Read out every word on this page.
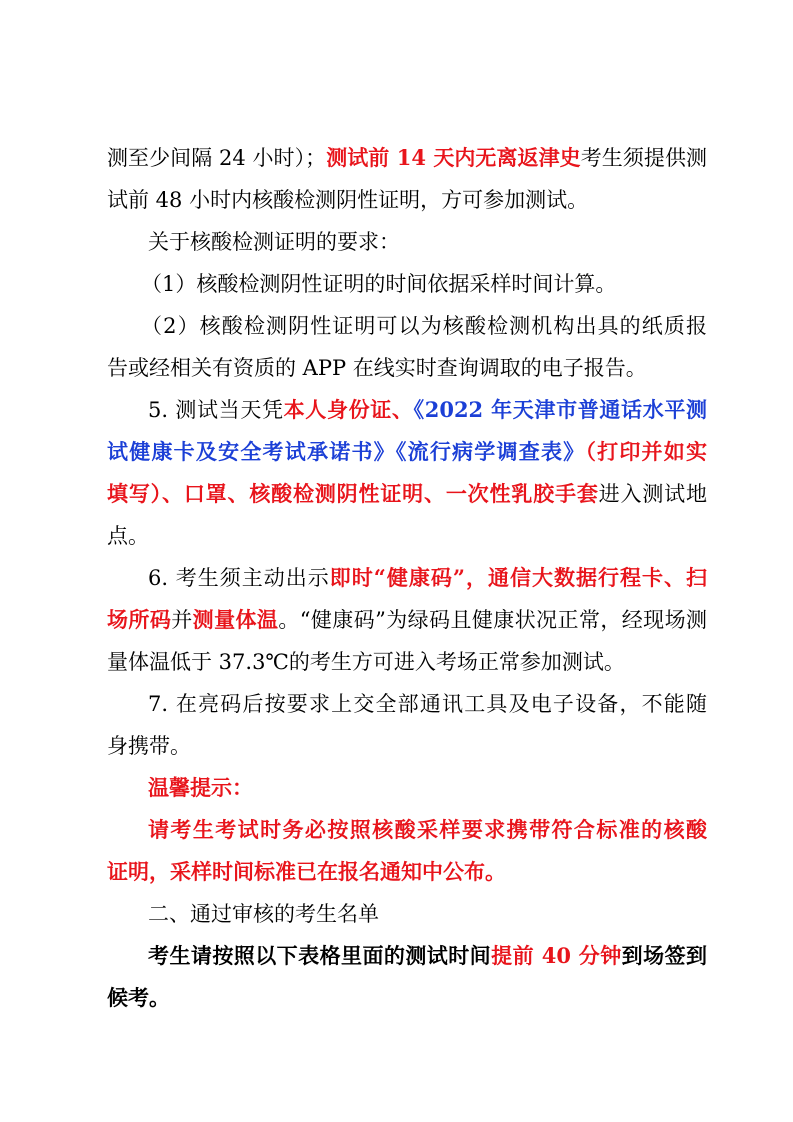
测至少间隔 24 小时）；测试前 14 天内无离返津史考生须提供测
试前 48 小时内核酸检测阴性证明，方可参加测试。
关于核酸检测证明的要求：
（1）核酸检测阴性证明的时间依据采样时间计算。
（2）核酸检测阴性证明可以为核酸检测机构出具的纸质报
告或经相关有资质的 APP 在线实时查询调取的电子报告。
5. 测试当天凭本人身份证、《2022 年天津市普通话水平测
试健康卡及安全考试承诺书》《流行病学调查表》（打印并如实
填写）、口罩、核酸检测阴性证明、一次性乳胶手套进入测试地
点。
6. 考生须主动出示即时“健康码”，通信大数据行程卡、扫
场所码并测量体温。“健康码”为绿码且健康状况正常，经现场测
量体温低于 37.3℃的考生方可进入考场正常参加测试。
7. 在亮码后按要求上交全部通讯工具及电子设备，不能随
身携带。
温馨提示：
请考生考试时务必按照核酸采样要求携带符合标准的核酸
证明，采样时间标准已在报名通知中公布。
二、通过审核的考生名单
考生请按照以下表格里面的测试时间提前 40 分钟到场签到
候考。
